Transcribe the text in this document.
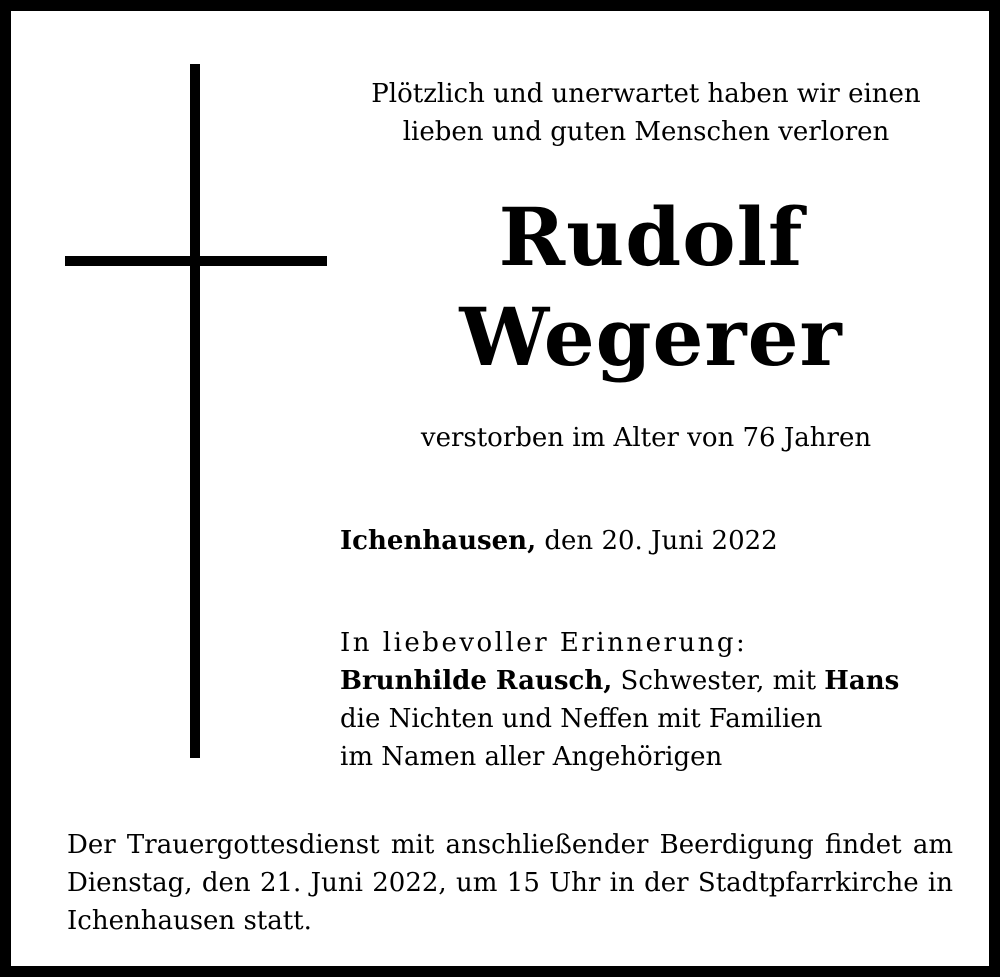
Plötzlich und unerwartet haben wir einen
lieben und guten Menschen verloren
Rudolf
Wegerer
verstorben im Alter von 76 Jahren
Ichenhausen, den 20. Juni 2022
In liebevoller Erinnerung:
Brunhilde Rausch, Schwester, mit Hans
die Nichten und Neffen mit Familien
im Namen aller Angehörigen
Der Trauergottesdienst mit anschließender Beerdigung findet am Dienstag, den 21. Juni 2022, um 15 Uhr in der Stadtpfarrkirche in Ichenhausen statt.
